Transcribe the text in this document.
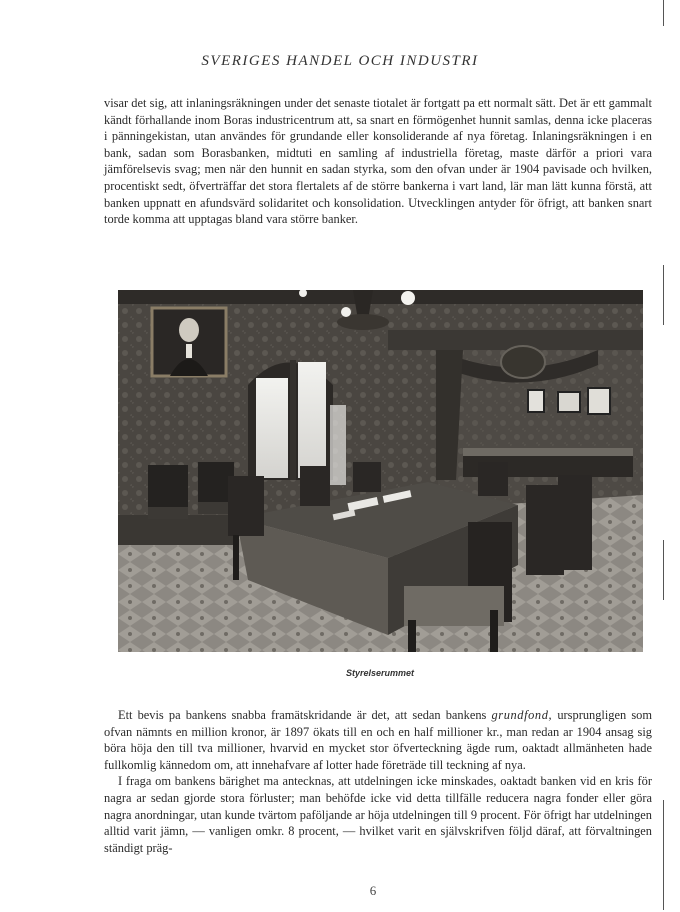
SVERIGES HANDEL OCH INDUSTRI

visar det sig, att inlaningsräkningen under det senaste tiotalet är fortgatt pa ett normalt sätt. Det är ett gammalt kändt förhallande inom Boras industricentrum att, sa snart en förmögenhet hunnit samlas, denna icke placeras i pänningekistan, utan användes för grundande eller konsoliderande af nya företag. Inlaningsräkningen i en bank, sadan som Borasbanken, midtuti en samling af industriella företag, maste därför a priori vara jämförelsevis svag; men när den hunnit en sadan styrka, som den ofvan under är 1904 pavisade och hvilken, procentiskt sedt, öfverträffar det stora flertalets af de större bankerna i vart land, lär man lätt kunna förstä, att banken uppnatt en afundsvärd solidaritet och konsolidation. Utvecklingen antyder för öfrigt, att banken snart torde komma att upptagas bland vara större banker.

Styrelserummet

Ett bevis pa bankens snabba framätskridande är det, att sedan bankens grundfond, ursprungligen som ofvan nämnts en million kronor, är 1897 ökats till en och en half millioner kr., man redan ar 1904 ansag sig böra höja den till tva millioner, hvarvid en mycket stor öfverteckning ägde rum, oaktadt allmänheten hade fullkomlig kännedom om, att innehafvare af lotter hade företräde till teckning af nya.

I fraga om bankens bärighet ma antecknas, att utdelningen icke minskades, oaktadt banken vid en kris för nagra ar sedan gjorde stora förluster; man behöfde icke vid detta tillfälle reducera nagra fonder eller göra nagra anordningar, utan kunde tvärtom paföljande ar höja utdelningen till 9 procent. För öfrigt har utdelningen alltid varit jämn, — vanligen omkr. 8 procent, — hvilket varit en självskrifven följd däraf, att förvaltningen ständigt präg-

6
